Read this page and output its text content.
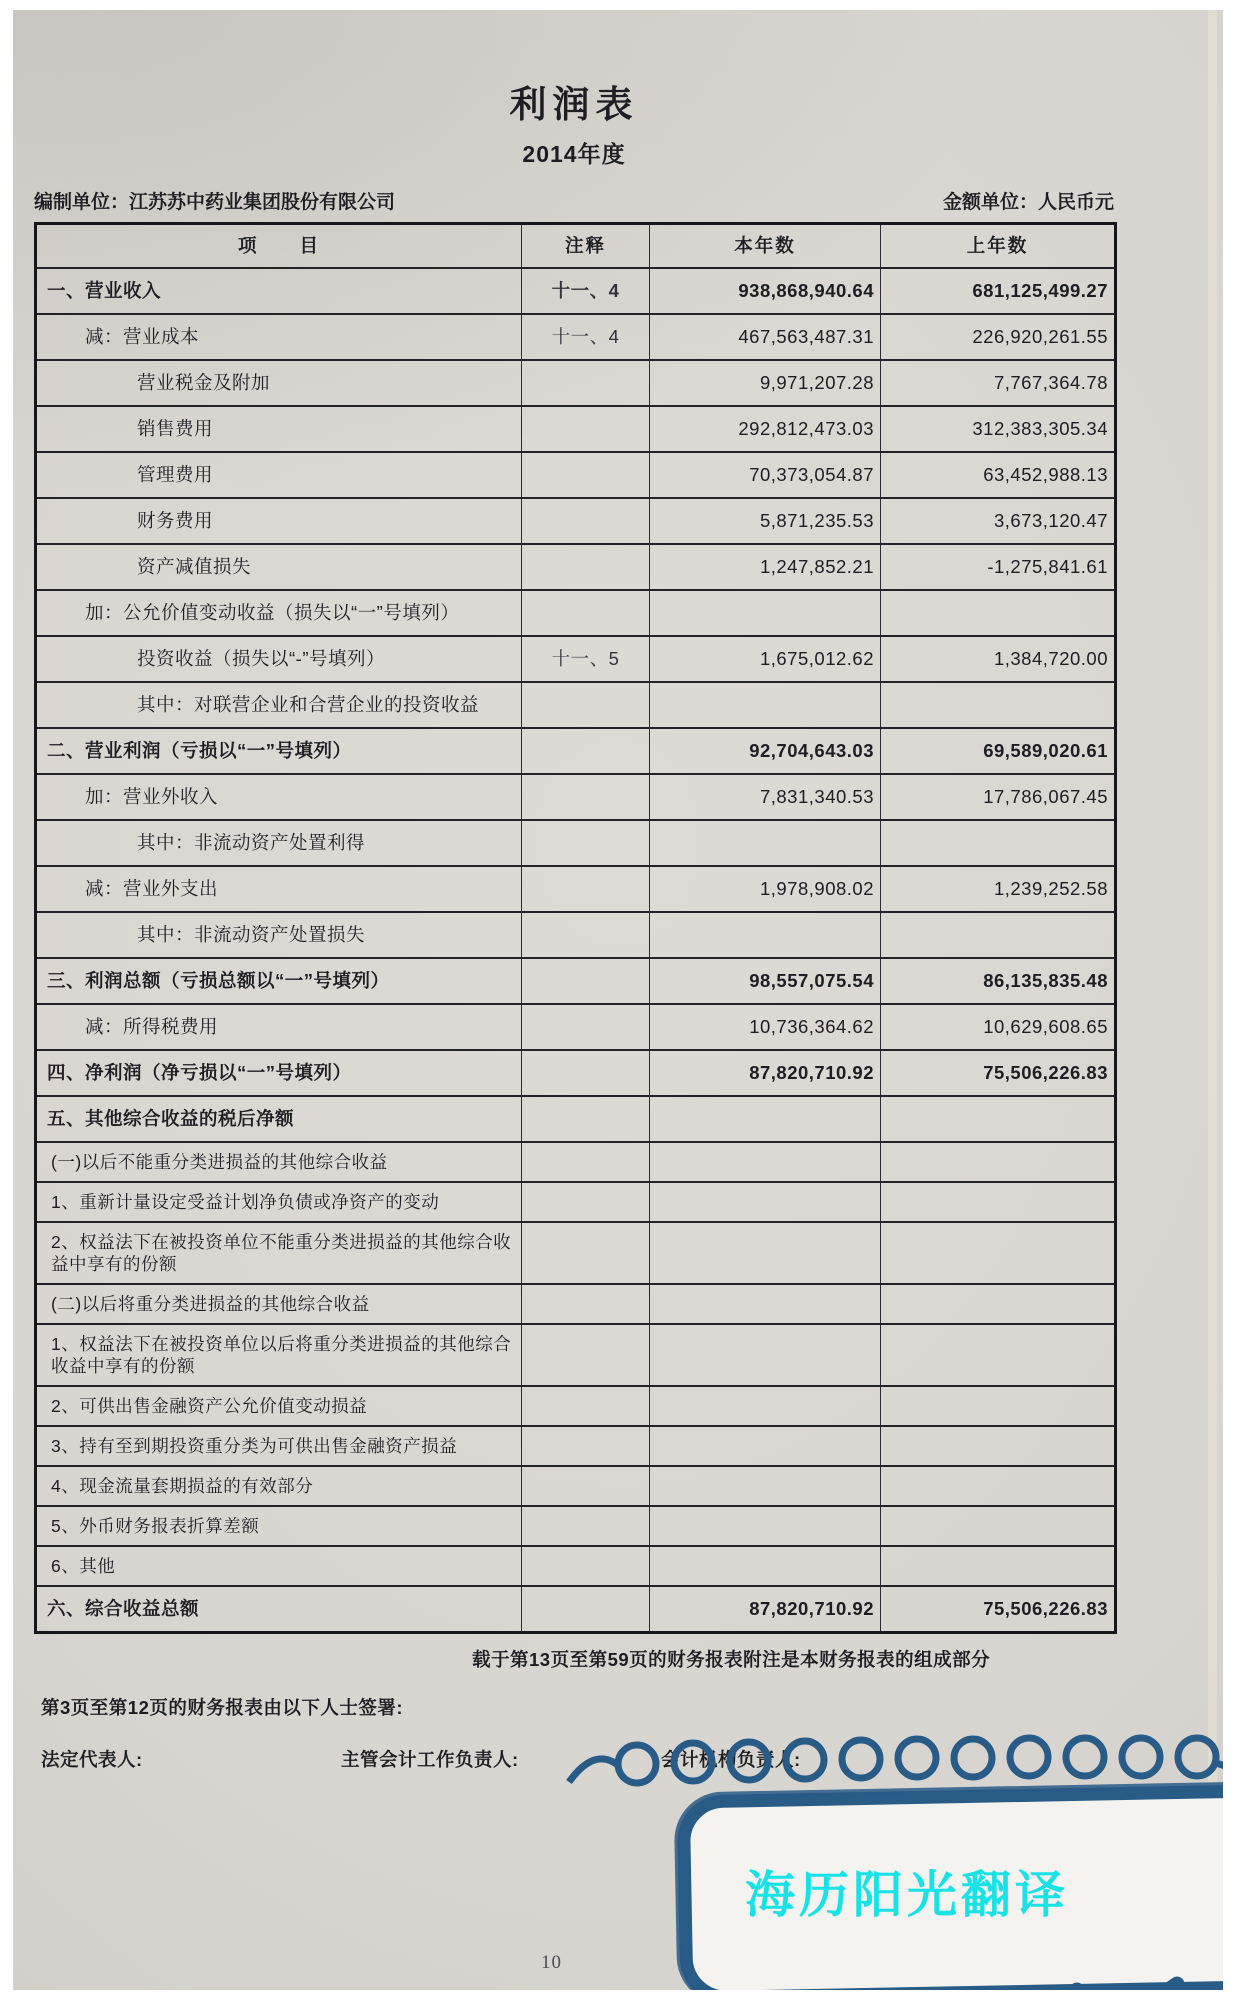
利润表
2014年度
编制单位：江苏苏中药业集团股份有限公司	金额单位：人民币元
项　　目	注释	本年数	上年数
一、营业收入	十一、4	938,868,940.64	681,125,499.27
减：营业成本	十一、4	467,563,487.31	226,920,261.55
营业税金及附加		9,971,207.28	7,767,364.78
销售费用		292,812,473.03	312,383,305.34
管理费用		70,373,054.87	63,452,988.13
财务费用		5,871,235.53	3,673,120.47
资产减值损失		1,247,852.21	-1,275,841.61
加：公允价值变动收益（损失以“一”号填列）			
投资收益（损失以“-”号填列）	十一、5	1,675,012.62	1,384,720.00
其中：对联营企业和合营企业的投资收益			
二、营业利润（亏损以“一”号填列）		92,704,643.03	69,589,020.61
加：营业外收入		7,831,340.53	17,786,067.45
其中：非流动资产处置利得			
减：营业外支出		1,978,908.02	1,239,252.58
其中：非流动资产处置损失			
三、利润总额（亏损总额以“一”号填列）		98,557,075.54	86,135,835.48
减：所得税费用		10,736,364.62	10,629,608.65
四、净利润（净亏损以“一”号填列）		87,820,710.92	75,506,226.83
五、其他综合收益的税后净额			
(一)以后不能重分类进损益的其他综合收益			
1、重新计量设定受益计划净负债或净资产的变动			
2、权益法下在被投资单位不能重分类进损益的其他综合收益中享有的份额			
(二)以后将重分类进损益的其他综合收益			
1、权益法下在被投资单位以后将重分类进损益的其他综合收益中享有的份额			
2、可供出售金融资产公允价值变动损益			
3、持有至到期投资重分类为可供出售金融资产损益			
4、现金流量套期损益的有效部分			
5、外币财务报表折算差额			
6、其他			
六、综合收益总额		87,820,710.92	75,506,226.83
载于第13页至第59页的财务报表附注是本财务报表的组成部分
第3页至第12页的财务报表由以下人士签署:
法定代表人:	主管会计工作负责人:	会计机构负责人:
10
海历阳光翻译
